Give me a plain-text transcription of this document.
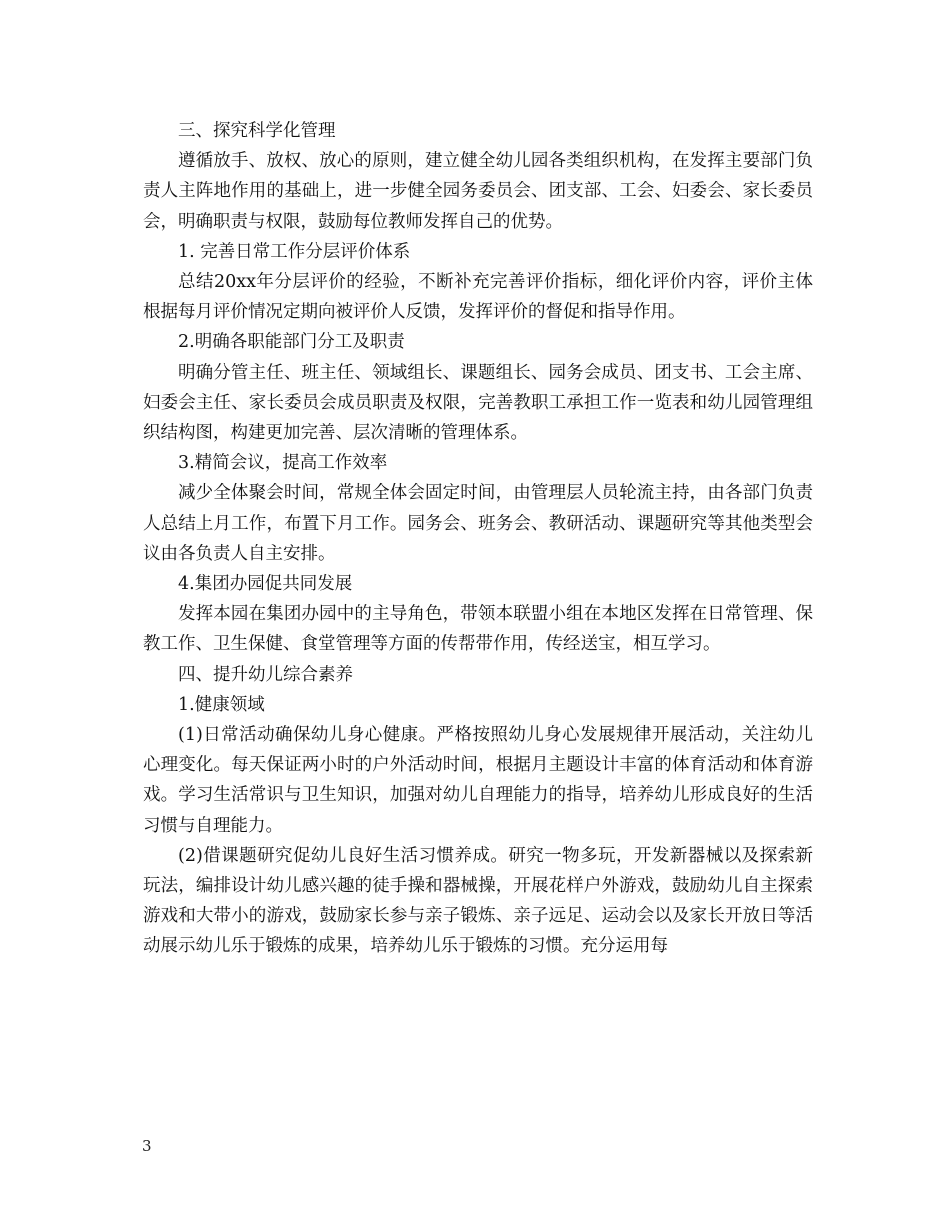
三、探究科学化管理

遵循放手、放权、放心的原则，建立健全幼儿园各类组织机构，在发挥主要部门负责人主阵地作用的基础上，进一步健全园务委员会、团支部、工会、妇委会、家长委员会，明确职责与权限，鼓励每位教师发挥自己的优势。

1. 完善日常工作分层评价体系

总结20xx年分层评价的经验，不断补充完善评价指标，细化评价内容，评价主体根据每月评价情况定期向被评价人反馈，发挥评价的督促和指导作用。

2.明确各职能部门分工及职责

明确分管主任、班主任、领域组长、课题组长、园务会成员、团支书、工会主席、妇委会主任、家长委员会成员职责及权限，完善教职工承担工作一览表和幼儿园管理组织结构图，构建更加完善、层次清晰的管理体系。

3.精简会议，提高工作效率

减少全体聚会时间，常规全体会固定时间，由管理层人员轮流主持，由各部门负责人总结上月工作，布置下月工作。园务会、班务会、教研活动、课题研究等其他类型会议由各负责人自主安排。

4.集团办园促共同发展

发挥本园在集团办园中的主导角色，带领本联盟小组在本地区发挥在日常管理、保教工作、卫生保健、食堂管理等方面的传帮带作用，传经送宝，相互学习。

四、提升幼儿综合素养

1.健康领域

(1)日常活动确保幼儿身心健康。严格按照幼儿身心发展规律开展活动，关注幼儿心理变化。每天保证两小时的户外活动时间，根据月主题设计丰富的体育活动和体育游戏。学习生活常识与卫生知识，加强对幼儿自理能力的指导，培养幼儿形成良好的生活习惯与自理能力。

(2)借课题研究促幼儿良好生活习惯养成。研究一物多玩，开发新器械以及探索新玩法，编排设计幼儿感兴趣的徒手操和器械操，开展花样户外游戏，鼓励幼儿自主探索游戏和大带小的游戏，鼓励家长参与亲子锻炼、亲子远足、运动会以及家长开放日等活动展示幼儿乐于锻炼的成果，培养幼儿乐于锻炼的习惯。充分运用每

3
